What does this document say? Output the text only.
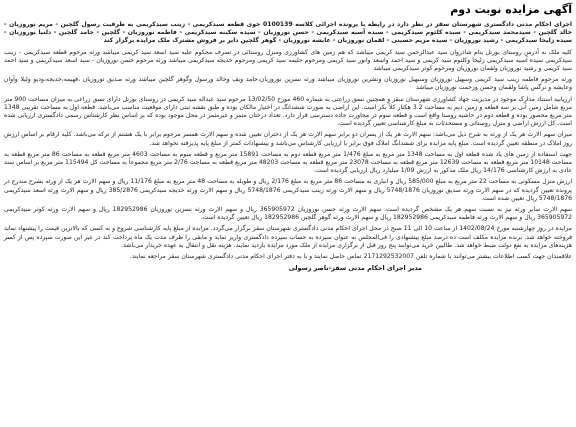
آگهی مزایده نوبت دوم
اجرای احکام مدنی دادگستری شهرستان سقز در نظر دارد در رابطه با پرونده اجرائی کلاسه 0100139 خوی قطعه سیدکریمی - زینب سیدکریمی به طرفیت رسول گلچین - مریم نوروزیان - خالد گلچین - سیدمحمد سیدکریمی - سیده کلثوم سیدکریمی - سیده آسیه سیدکریمی - حسن نوروزیان - سیده سکینه سیدکریمی - فاطمه نوروزیان - گلچین - حامد گلچین - دلنیا نوروزیان - سیده زلیخا سیدکریمی - رشید نوروزیان - سیده مریم حسینی - لقمان نوروزیان - عایشه نوروزیان - گوهر گلچین دایر بر فروش مشترک ملک مزایده برگزار کند
کلیه ملک به آدرس روستای بورتل بنام شادروان سید عبدالرحمن سید کریمی میباشد که هم زمین های کشاورزی ومنزل روستائی در تصرف محکوم علیه سید اسعد سید کریمی میباشد ورثه مرحوم قطعه سیدکریمی - زینب سیدکریمی سیده آسیه سیدکریمی زلیخا وکلثوم سید کریمی و سید احمد واسعد وانور سید کریمی ومرحوم حلیمه سید کریمی ومرحوم خدیجه سیدکریمی میباشد ورثه مرحوم حسن نوروزیان - سید اسعد سیدکریمی و سید احمد سید کریمی و رشید نوروزیان ولقمان نوروزیان ومرحوم کوثر سیدکریمی میباشد
ورثه مرحوم فاطمه زینب سید کریمی وسهیل نوروزیان وسیهیل نوروزیان ونشرین نوروزیان میباشد ورثه نسرین نوروزیان،حامد ویف وخالد ورسول وگوهر گلچین میباشد ورثه صدیق نوروزیان ،فهیمه،خدیجه،ودیو ولیلا وآوان وعایشه و نرگس پاشا ولقمان وحسن وزحمت نوروزیان میباشد
ارزیابیه استناد مدارک موجود در مدیریت جهاد کشاورزی شهرستان سقز و همچنین نسق زراعتی به شماره 460 مورخ 13/02/50 مرحوم سید عبداله سید کریمی در روستای بورتل دارای نسق زراعی به میزان مساحت 900 متر مربع شامل زمین آبی بر سه قطعه و زمین دیم به مساحت 3.2 هکتار کلاً بکر است. این اراضی به صورت ششدانگ در اختیار مالکان بوده و طبق نقشه ثبتی دارای موقعیت مناسب می‌باشد. قطعه اول به مساحت تقریبی 1348 متر مربع محصور بوده و قطعه دوم در حاشیه روستا واقع است و قطعه سوم در مجاورت جاده دسترسی قرار دارد. تعداد درختان مثمر و غیرمثمر در محل موجود بوده که بر اساس نظر کارشناس رسمی دادگستری ارزیابی شده است. کل ارزش اراضی و منزل روستائی و مستحدثات به مبلغ کارشناسی تعیین گردیده است.
میزان سهم الارث هر یک از ورثه به شرح ذیل می‌باشد: سهم الارث هر یک از پسران دو برابر سهم الارث هر یک از دختران تعیین شده و سهم الارث همسر مرحوم برابر با یک هشتم از ترکه می‌باشد. کلیه ارقام بر اساس ارزش روز املاک در منطقه تعیین گردیده است. مبلغ پایه مزایده برای ششدانگ املاک فوق برابر با ارزیابی کارشناس می‌باشد و پیشنهادات کمتر از مبلغ پایه پذیرفته نخواهد شد.
جهت استفاده از زمین های یاد شده قطعه اول به مساحت 1348 متر مربع به مبلغ 1/476 متر مربع قطعه دوم به مساحت 15891 متر مربع و قطعه سوم به مساحت 4603 متر مربع قطعه به مساحت 86 متر مربع قطعه به مساحت 10148 متر مربع قطعه به مساحت 12639 متر مربع قطعه به مساحت 23078 متر مربع قطعه به مساحت 48203 متر مربع قطعه به مساحت 2/76 متر مربع مجموعاً به مساحت کل 115494 متر مربع بر اساس سند عادی به ارزش کارشناسی 14/176 ریال ملک مذکور به ارزش 1/09 میلیارد ریال ارزیابی گردیده است.
ارزش منزل مسکونی به مساحت 22 متر مربع به مبلغ 585/000 ریال و انباری به مساحت 86 متر مربع به مبلغ 2/176 ریال و طویله به مساحت 48 متر مربع به مبلغ 11/176 ریال و سهم الارث هر یک از ورثه بشرح مندرج در پرونده تعیین گردیده که در سهم الارث ورثه صدیق نوروزیان 5748/1876 ریال و سهم الارث ورثه زینب سیدکریمی 5748/1876 ریال و سهم الارث ورثه خدیجه سیدکریمی 385/2876 ریال و سهم الارث ورثه اسعد سیدکریمی 5748/1876 ریال تعیین شده است.
سهم الارث سایر ورثه نیز به نسبت سهم هر یک مشخص گردیده است. سهم الارث ورثه حسن نوروزیان 365905972 ریال و سهم الارث ورثه نسرین نوروزیان 182952986 ریال و سهم الارث ورثه کوثر سیدکریمی 365905972 ریال و سهم الارث ورثه فاطمه سیدکریمی 182952986 ریال و سهم الارث ورثه گوهر گلچین 182952986 ریال تعیین گردیده است.
مزایده در روز چهارشنبه مورخ 1402/08/24 از ساعت 10 الی 11 صبح در محل اجرای احکام مدنی دادگستری شهرستان سقز برگزار می‌گردد. مزایده از مبلغ پایه کارشناسی شروع و به کسی که بالاترین قیمت را پیشنهاد نماید فروخته خواهد شد. برنده مزایده مکلف است ده درصد مبلغ پیشنهادی را فی‌المجلس به عنوان سپرده به حساب سپرده دادگستری واریز نماید و مابقی را ظرف مدت یک ماه پرداخت کند در غیر این صورت سپرده پس از کسر هزینه‌های مزایده به نفع دولت ضبط خواهد شد. طالبین خرید می‌توانند پنج روز قبل از برگزاری مزایده از ملک مورد مزایده بازدید نمایند. هزینه نقل و انتقال به عهده خریدار می‌باشد.
علاقمندان جهت کسب اطلاعات بیشتر می‌توانند با شماره تلفن 2171292532007 تماس حاصل نمایند و یا به دفتر اجرای احکام مدنی دادگستری شهرستان سقز مراجعه نمایند.
مدیر اجرای احکام مدنی سقز-ناصر رسولی
